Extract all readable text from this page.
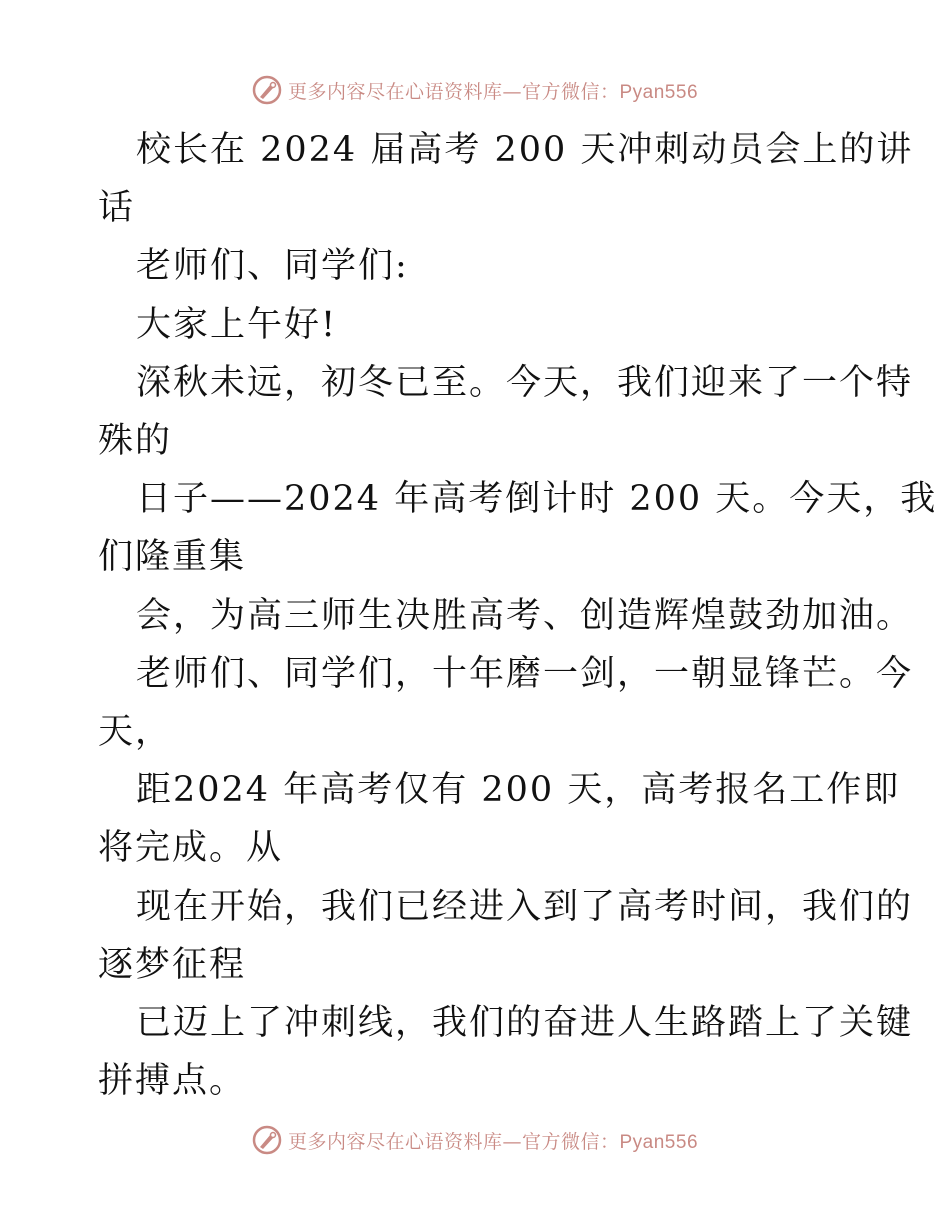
更多内容尽在心语资料库—官方微信：Pyan556
校长在 2024 届高考 200 天冲刺动员会上的讲
话
老师们、同学们:
大家上午好!
深秋未远，初冬已至。今天，我们迎来了一个特
殊的
日子——2024 年高考倒计时 200 天。今天，我
们隆重集
会，为高三师生决胜高考、创造辉煌鼓劲加油。
老师们、同学们，十年磨一剑，一朝显锋芒。今
天，
距2024 年高考仅有 200 天，高考报名工作即
将完成。从
现在开始，我们已经进入到了高考时间，我们的
逐梦征程
已迈上了冲刺线，我们的奋进人生路踏上了关键
拼搏点。
更多内容尽在心语资料库—官方微信：Pyan556
